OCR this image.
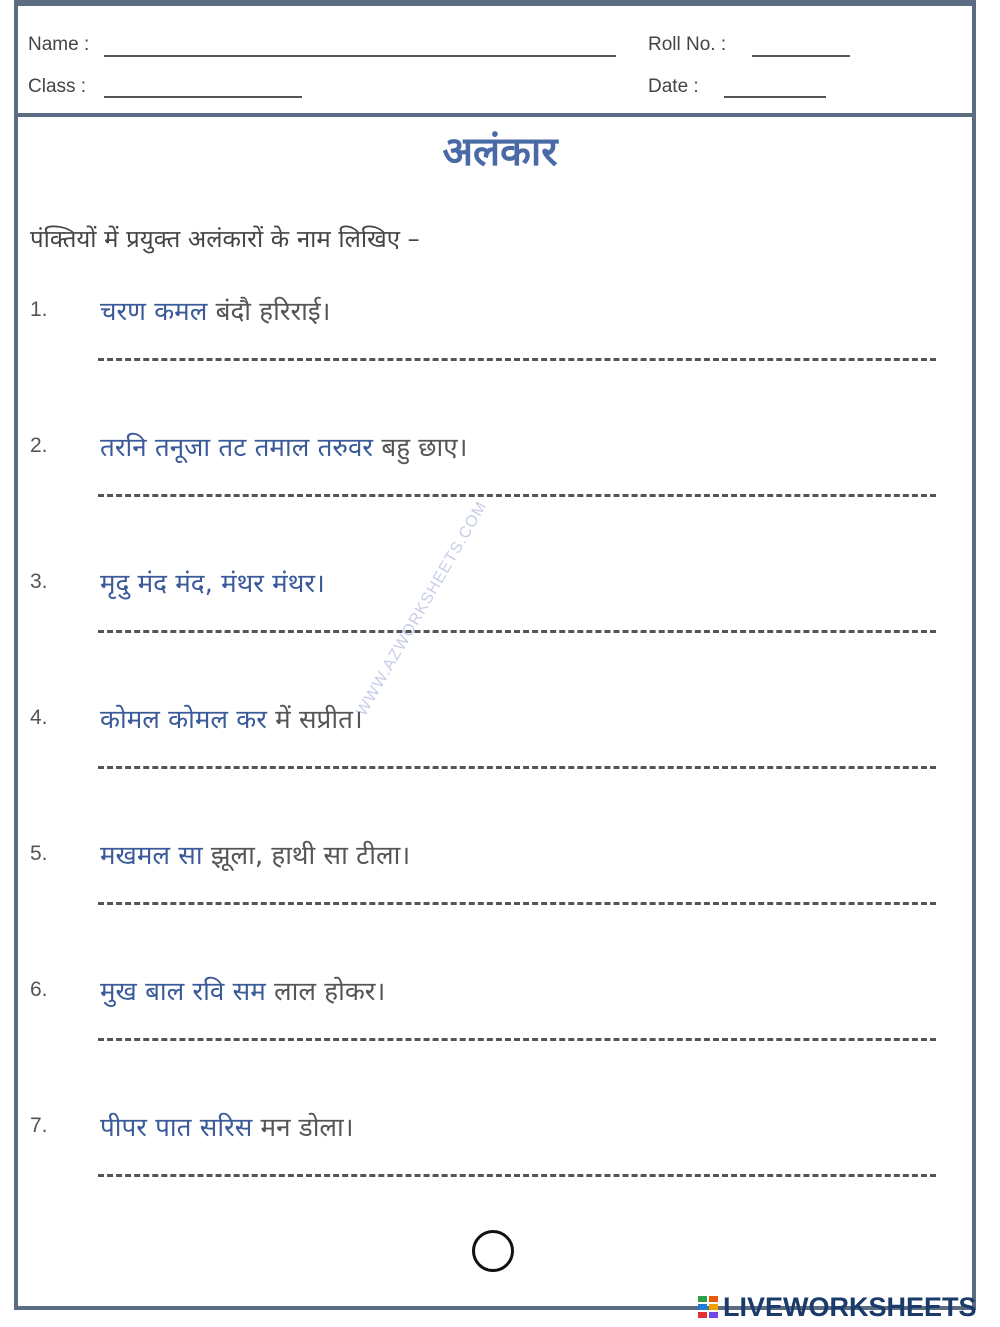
Name :	Roll No. :
Class :	Date :
अलंकार
पंक्तियों में प्रयुक्त अलंकारों के नाम लिखिए –
WWW.AZWORKSHEETS.COM
1. चरण कमल बंदौ हरिराई।
2. तरनि तनूजा तट तमाल तरुवर बहु छाए।
3. मृदु मंद मंद, मंथर मंथर।
4. कोमल कोमल कर में सप्रीत।
5. मखमल सा झूला, हाथी सा टीला।
6. मुख बाल रवि सम लाल होकर।
7. पीपर पात सरिस मन डोला।
LIVEWORKSHEETS
